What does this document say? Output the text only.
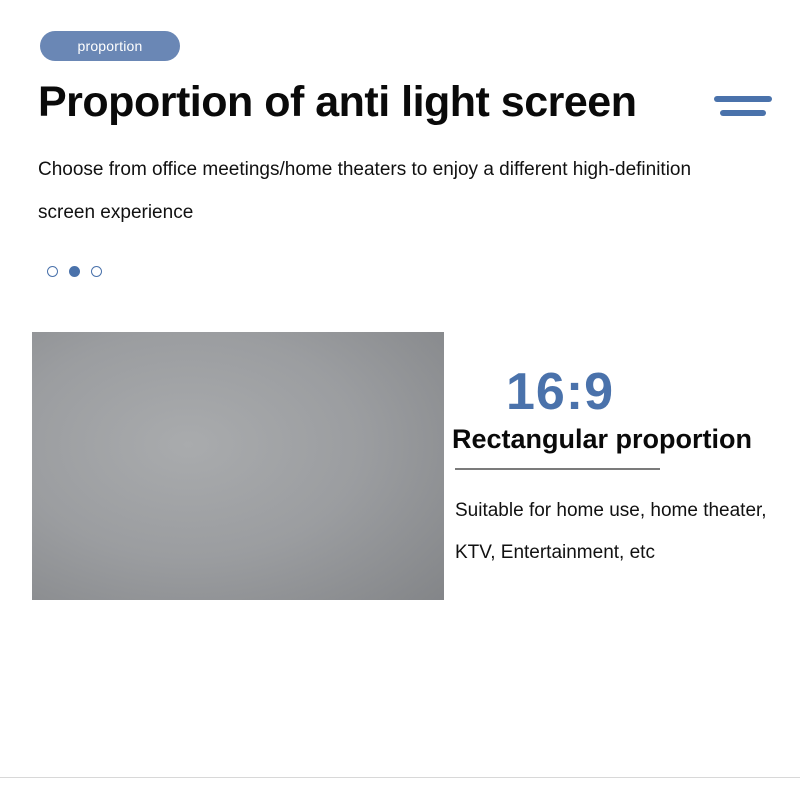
proportion
Proportion of anti light screen
Choose from office meetings/home theaters to enjoy a different high-definition screen experience
16:9
Rectangular proportion
Suitable for home use, home theater, KTV, Entertainment, etc
